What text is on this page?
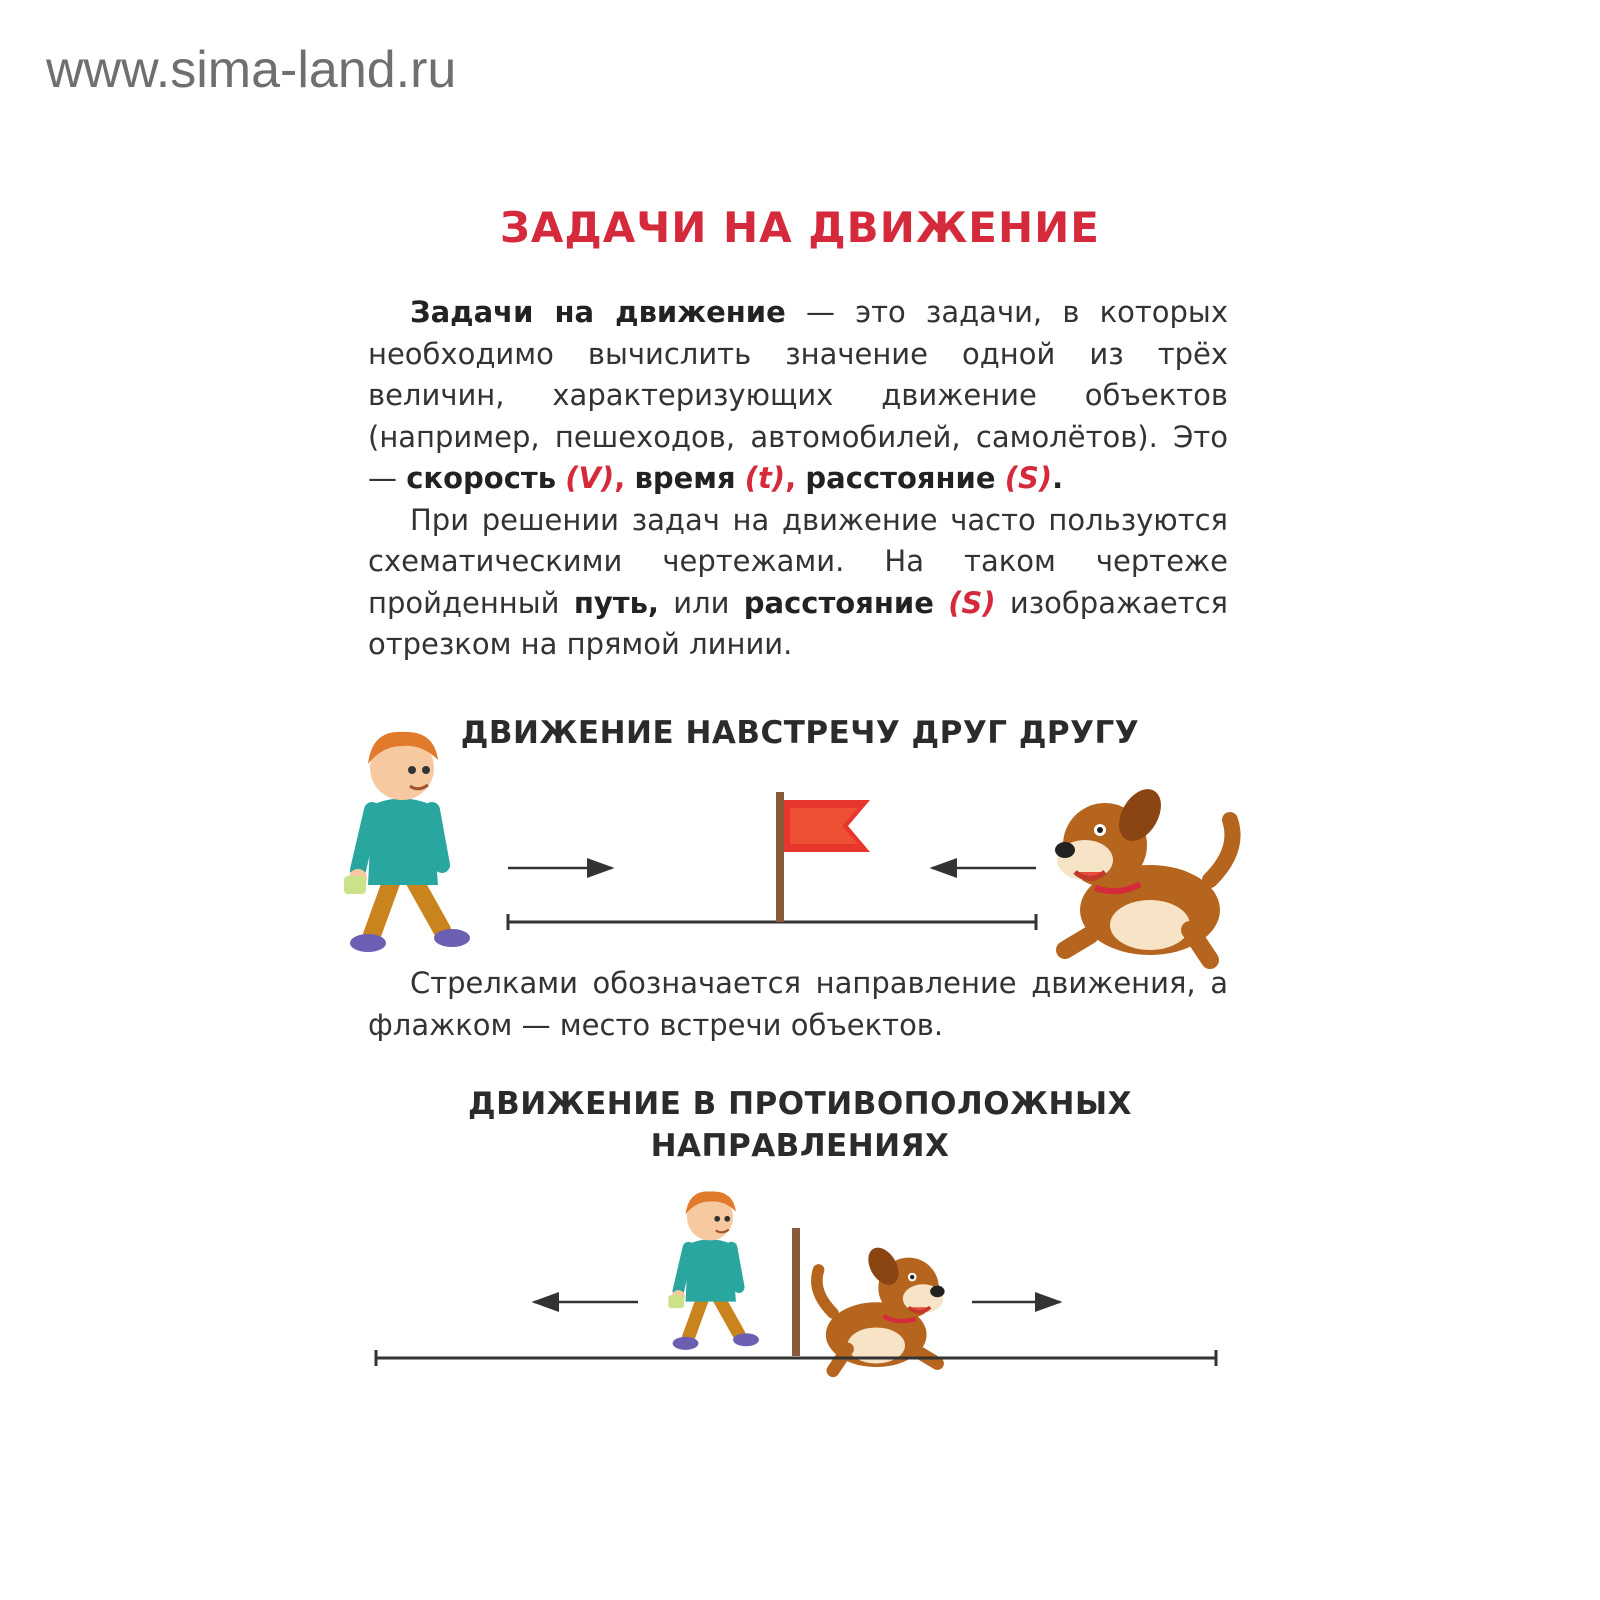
www.sima-land.ru
ЗАДАЧИ НА ДВИЖЕНИЕ

Задачи на движение — это задачи, в которых необходимо вычислить значение одной из трёх величин, характеризующих движение объектов (например, пешеходов, автомобилей, самолётов). Это — скорость (V), время (t), расстояние (S).

При решении задач на движение часто пользуются схематическими чертежами. На таком чертеже пройденный путь, или расстояние (S) изображается отрезком на прямой линии.

ДВИЖЕНИЕ НАВСТРЕЧУ ДРУГ ДРУГУ

Стрелками обозначается направление движения, а флажком — место встречи объектов.

ДВИЖЕНИЕ В ПРОТИВОПОЛОЖНЫХ
НАПРАВЛЕНИЯХ
